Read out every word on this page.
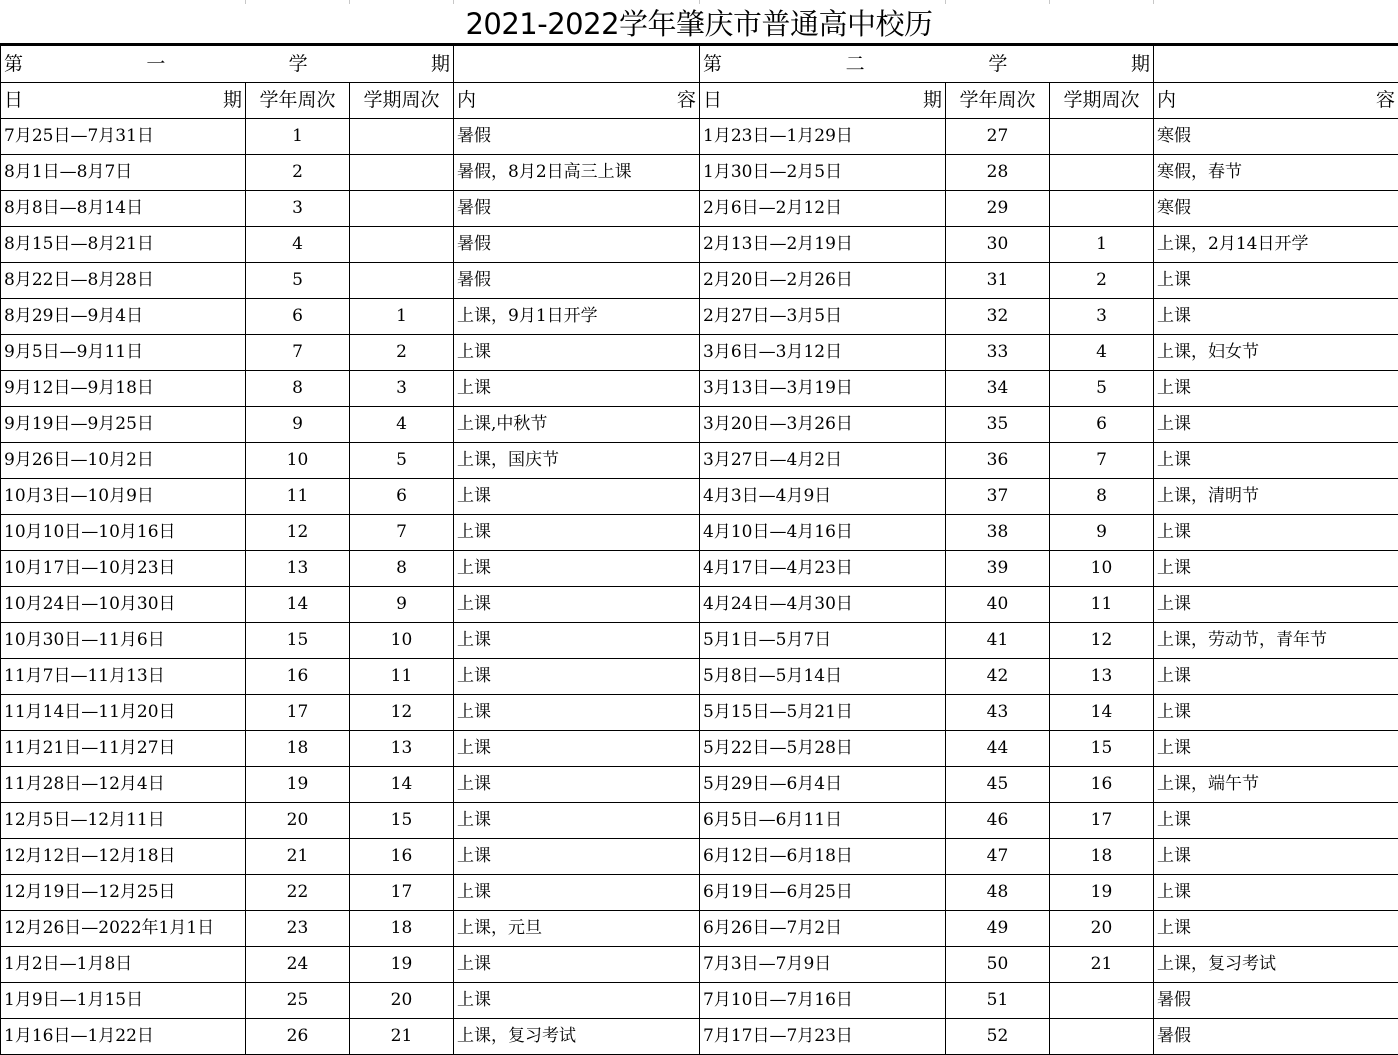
2021-2022学年肇庆市普通高中校历
第　一　学　期				第　二　学　期			
日　　期	学年周次	学期周次	内　　容	日　　期	学年周次	学期周次	内　　容
7月25日—7月31日	1		暑假	1月23日—1月29日	27		寒假
8月1日—8月7日	2		暑假，8月2日高三上课	1月30日—2月5日	28		寒假，春节
8月8日—8月14日	3		暑假	2月6日—2月12日	29		寒假
8月15日—8月21日	4		暑假	2月13日—2月19日	30	1	上课，2月14日开学
8月22日—8月28日	5		暑假	2月20日—2月26日	31	2	上课
8月29日—9月4日	6	1	上课，9月1日开学	2月27日—3月5日	32	3	上课
9月5日—9月11日	7	2	上课	3月6日—3月12日	33	4	上课，妇女节
9月12日—9月18日	8	3	上课	3月13日—3月19日	34	5	上课
9月19日—9月25日	9	4	上课,中秋节	3月20日—3月26日	35	6	上课
9月26日—10月2日	10	5	上课，国庆节	3月27日—4月2日	36	7	上课
10月3日—10月9日	11	6	上课	4月3日—4月9日	37	8	上课，清明节
10月10日—10月16日	12	7	上课	4月10日—4月16日	38	9	上课
10月17日—10月23日	13	8	上课	4月17日—4月23日	39	10	上课
10月24日—10月30日	14	9	上课	4月24日—4月30日	40	11	上课
10月30日—11月6日	15	10	上课	5月1日—5月7日	41	12	上课，劳动节，青年节
11月7日—11月13日	16	11	上课	5月8日—5月14日	42	13	上课
11月14日—11月20日	17	12	上课	5月15日—5月21日	43	14	上课
11月21日—11月27日	18	13	上课	5月22日—5月28日	44	15	上课
11月28日—12月4日	19	14	上课	5月29日—6月4日	45	16	上课，端午节
12月5日—12月11日	20	15	上课	6月5日—6月11日	46	17	上课
12月12日—12月18日	21	16	上课	6月12日—6月18日	47	18	上课
12月19日—12月25日	22	17	上课	6月19日—6月25日	48	19	上课
12月26日—2022年1月1日	23	18	上课，元旦	6月26日—7月2日	49	20	上课
1月2日—1月8日	24	19	上课	7月3日—7月9日	50	21	上课，复习考试
1月9日—1月15日	25	20	上课	7月10日—7月16日	51		暑假
1月16日—1月22日	26	21	上课，复习考试	7月17日—7月23日	52		暑假
